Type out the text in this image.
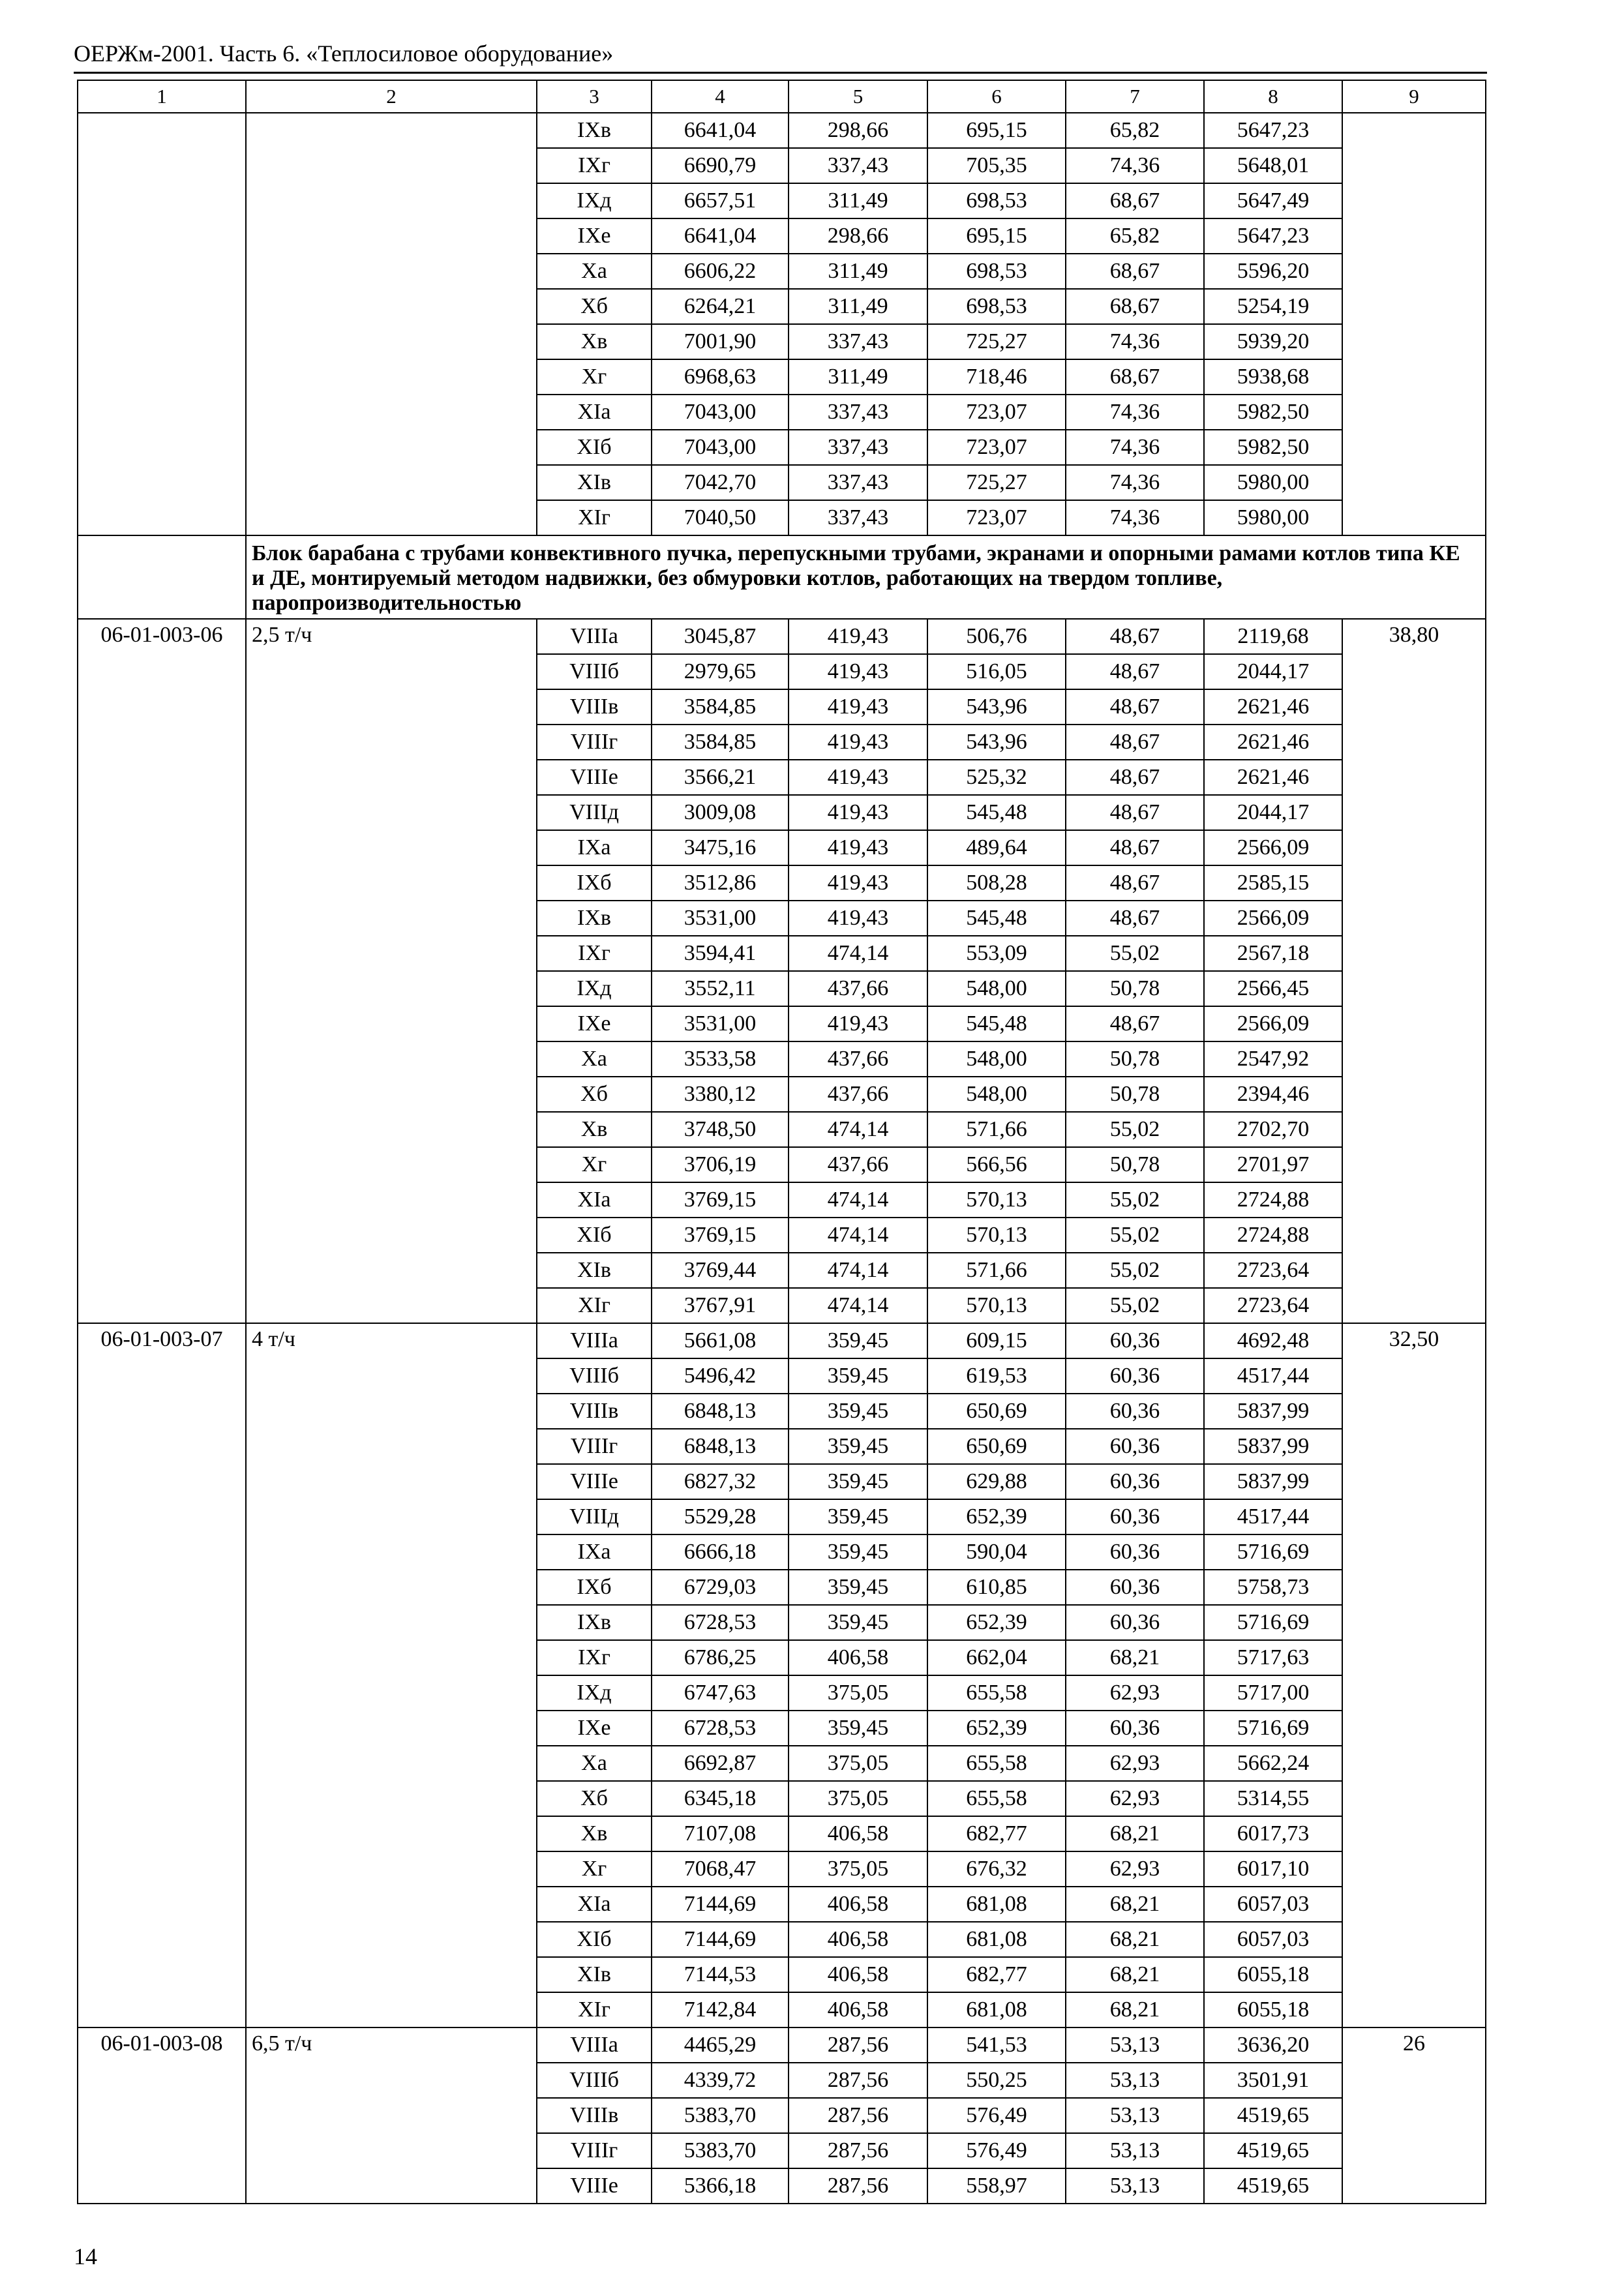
ОЕРЖм-2001. Часть 6. «Теплосиловое оборудование»
1	2	3	4	5	6	7	8	9
		IXв	6641,04	298,66	695,15	65,82	5647,23	
		IXг	6690,79	337,43	705,35	74,36	5648,01	
		IXд	6657,51	311,49	698,53	68,67	5647,49	
		IXе	6641,04	298,66	695,15	65,82	5647,23	
		Xа	6606,22	311,49	698,53	68,67	5596,20	
		Xб	6264,21	311,49	698,53	68,67	5254,19	
		Xв	7001,90	337,43	725,27	74,36	5939,20	
		Xг	6968,63	311,49	718,46	68,67	5938,68	
		XIа	7043,00	337,43	723,07	74,36	5982,50	
		XIб	7043,00	337,43	723,07	74,36	5982,50	
		XIв	7042,70	337,43	725,27	74,36	5980,00	
		XIг	7040,50	337,43	723,07	74,36	5980,00	
	Блок барабана с трубами конвективного пучка, перепускными трубами, экранами и опорными рамами котлов типа КЕ и ДЕ, монтируемый методом надвижки, без обмуровки котлов, работающих на твердом топливе, паропроизводительностью							
06-01-003-06	2,5 т/ч	VIIIа	3045,87	419,43	506,76	48,67	2119,68	38,80
		VIIIб	2979,65	419,43	516,05	48,67	2044,17	
		VIIIв	3584,85	419,43	543,96	48,67	2621,46	
		VIIIг	3584,85	419,43	543,96	48,67	2621,46	
		VIIIе	3566,21	419,43	525,32	48,67	2621,46	
		VIIIд	3009,08	419,43	545,48	48,67	2044,17	
		IXа	3475,16	419,43	489,64	48,67	2566,09	
		IXб	3512,86	419,43	508,28	48,67	2585,15	
		IXв	3531,00	419,43	545,48	48,67	2566,09	
		IXг	3594,41	474,14	553,09	55,02	2567,18	
		IXд	3552,11	437,66	548,00	50,78	2566,45	
		IXе	3531,00	419,43	545,48	48,67	2566,09	
		Xа	3533,58	437,66	548,00	50,78	2547,92	
		Xб	3380,12	437,66	548,00	50,78	2394,46	
		Xв	3748,50	474,14	571,66	55,02	2702,70	
		Xг	3706,19	437,66	566,56	50,78	2701,97	
		XIа	3769,15	474,14	570,13	55,02	2724,88	
		XIб	3769,15	474,14	570,13	55,02	2724,88	
		XIв	3769,44	474,14	571,66	55,02	2723,64	
		XIг	3767,91	474,14	570,13	55,02	2723,64	
06-01-003-07	4 т/ч	VIIIа	5661,08	359,45	609,15	60,36	4692,48	32,50
		VIIIб	5496,42	359,45	619,53	60,36	4517,44	
		VIIIв	6848,13	359,45	650,69	60,36	5837,99	
		VIIIг	6848,13	359,45	650,69	60,36	5837,99	
		VIIIе	6827,32	359,45	629,88	60,36	5837,99	
		VIIIд	5529,28	359,45	652,39	60,36	4517,44	
		IXа	6666,18	359,45	590,04	60,36	5716,69	
		IXб	6729,03	359,45	610,85	60,36	5758,73	
		IXв	6728,53	359,45	652,39	60,36	5716,69	
		IXг	6786,25	406,58	662,04	68,21	5717,63	
		IXд	6747,63	375,05	655,58	62,93	5717,00	
		IXе	6728,53	359,45	652,39	60,36	5716,69	
		Xа	6692,87	375,05	655,58	62,93	5662,24	
		Xб	6345,18	375,05	655,58	62,93	5314,55	
		Xв	7107,08	406,58	682,77	68,21	6017,73	
		Xг	7068,47	375,05	676,32	62,93	6017,10	
		XIа	7144,69	406,58	681,08	68,21	6057,03	
		XIб	7144,69	406,58	681,08	68,21	6057,03	
		XIв	7144,53	406,58	682,77	68,21	6055,18	
		XIг	7142,84	406,58	681,08	68,21	6055,18	
06-01-003-08	6,5 т/ч	VIIIа	4465,29	287,56	541,53	53,13	3636,20	26
		VIIIб	4339,72	287,56	550,25	53,13	3501,91	
		VIIIв	5383,70	287,56	576,49	53,13	4519,65	
		VIIIг	5383,70	287,56	576,49	53,13	4519,65	
		VIIIе	5366,18	287,56	558,97	53,13	4519,65	
14
